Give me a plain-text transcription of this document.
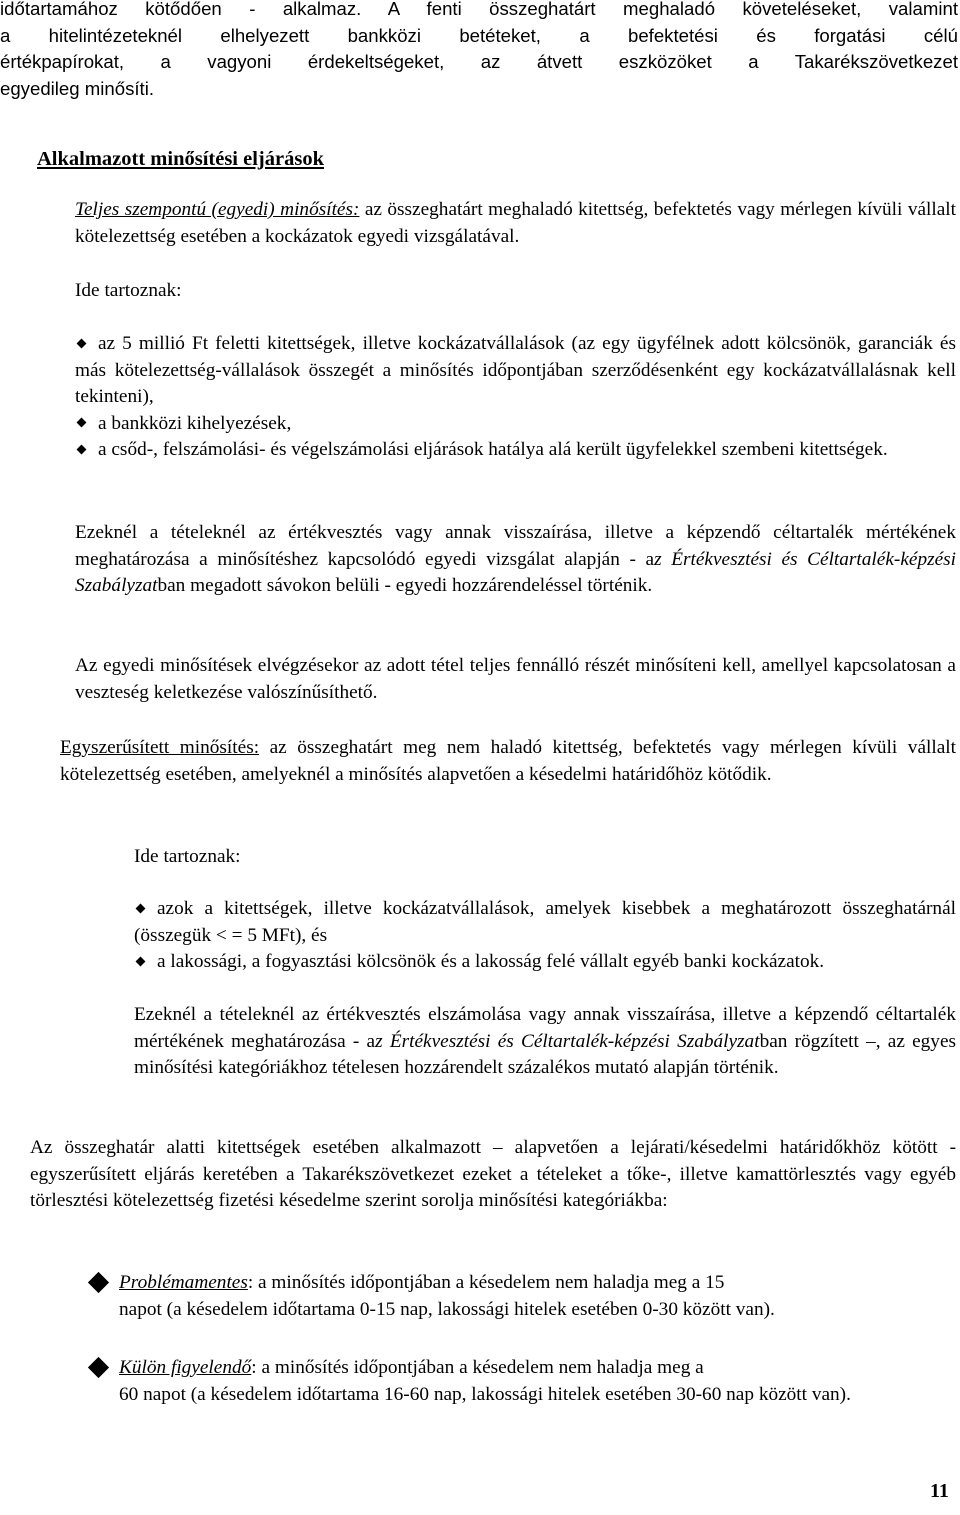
időtartamához kötődően - alkalmaz. A fenti összeghatárt meghaladó követeléseket, valamint
a hitelintézeteknél elhelyezett bankközi betéteket, a befektetési és forgatási célú
értékpapírokat, a vagyoni érdekeltségeket, az átvett eszközöket a Takarékszövetkezet
egyedileg minősíti.
Alkalmazott minősítési eljárások
Teljes szempontú (egyedi) minősítés: az összeghatárt meghaladó kitettség, befektetés vagy mérlegen kívüli vállalt kötelezettség esetében a kockázatok egyedi vizsgálatával.
Ide tartoznak:
az 5 millió Ft feletti kitettségek, illetve kockázatvállalások (az egy ügyfélnek adott kölcsönök, garanciák és más kötelezettség-vállalások összegét a minősítés időpontjában szerződésenként egy kockázatvállalásnak kell tekinteni),
a bankközi kihelyezések,
a csőd-, felszámolási- és végelszámolási eljárások hatálya alá került ügyfelekkel szembeni kitettségek.
Ezeknél a tételeknél az értékvesztés vagy annak visszaírása, illetve a képzendő céltartalék mértékének meghatározása a minősítéshez kapcsolódó egyedi vizsgálat alapján - az Értékvesztési és Céltartalék-képzési Szabályzatban megadott sávokon belüli - egyedi hozzárendeléssel történik.
Az egyedi minősítések elvégzésekor az adott tétel teljes fennálló részét minősíteni kell, amellyel kapcsolatosan a veszteség keletkezése valószínűsíthető.
Egyszerűsített minősítés: az összeghatárt meg nem haladó kitettség, befektetés vagy mérlegen kívüli vállalt kötelezettség esetében, amelyeknél a minősítés alapvetően a késedelmi határidőhöz kötődik.
Ide tartoznak:
azok a kitettségek, illetve kockázatvállalások, amelyek kisebbek a meghatározott összeghatárnál (összegük < = 5 MFt), és
a lakossági, a fogyasztási kölcsönök és a lakosság felé vállalt egyéb banki kockázatok.
Ezeknél a tételeknél az értékvesztés elszámolása vagy annak visszaírása, illetve a képzendő céltartalék mértékének meghatározása - az Értékvesztési és Céltartalék-képzési Szabályzatban rögzített –, az egyes minősítési kategóriákhoz tételesen hozzárendelt százalékos mutató alapján történik.
Az összeghatár alatti kitettségek esetében alkalmazott – alapvetően a lejárati/késedelmi határidőkhöz kötött - egyszerűsített eljárás keretében a Takarékszövetkezet ezeket a tételeket a tőke-, illetve kamattörlesztés vagy egyéb törlesztési kötelezettség fizetési késedelme szerint sorolja minősítési kategóriákba:
Problémamentes: a minősítés időpontjában a késedelem nem haladja meg a 15
napot (a késedelem időtartama 0-15 nap, lakossági hitelek esetében 0-30 között van).
Külön figyelendő: a minősítés időpontjában a késedelem nem haladja meg a
60 napot (a késedelem időtartama 16-60 nap, lakossági hitelek esetében 30-60 nap között van).
11
